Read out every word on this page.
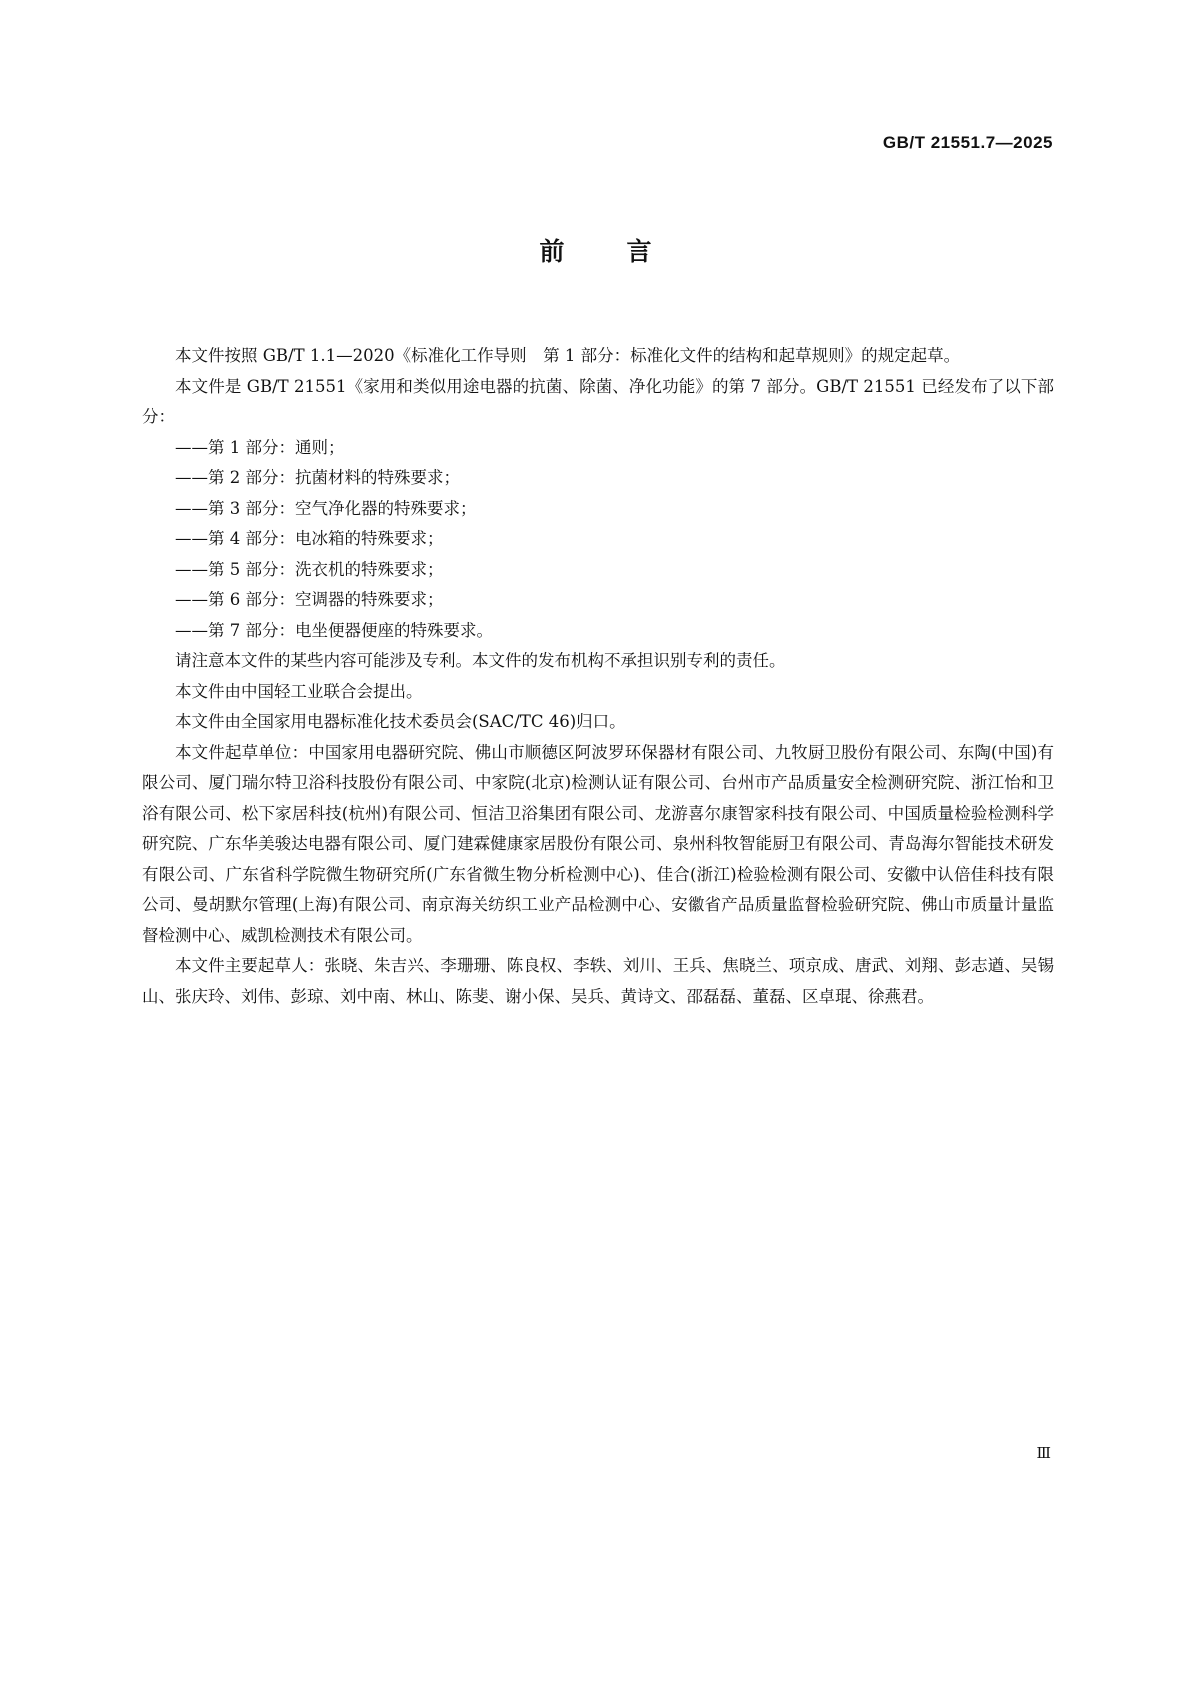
GB/T 21551.7—2025
前言

本文件按照 GB/T 1.1—2020《标准化工作导则　第 1 部分：标准化文件的结构和起草规则》的规定起草。

本文件是 GB/T 21551《家用和类似用途电器的抗菌、除菌、净化功能》的第 7 部分。GB/T 21551 已经发布了以下部分：

——第 1 部分：通则；
——第 2 部分：抗菌材料的特殊要求；
——第 3 部分：空气净化器的特殊要求；
——第 4 部分：电冰箱的特殊要求；
——第 5 部分：洗衣机的特殊要求；
——第 6 部分：空调器的特殊要求；
——第 7 部分：电坐便器便座的特殊要求。

请注意本文件的某些内容可能涉及专利。本文件的发布机构不承担识别专利的责任。

本文件由中国轻工业联合会提出。

本文件由全国家用电器标准化技术委员会(SAC/TC 46)归口。

本文件起草单位：中国家用电器研究院、佛山市顺德区阿波罗环保器材有限公司、九牧厨卫股份有限公司、东陶(中国)有限公司、厦门瑞尔特卫浴科技股份有限公司、中家院(北京)检测认证有限公司、台州市产品质量安全检测研究院、浙江怡和卫浴有限公司、松下家居科技(杭州)有限公司、恒洁卫浴集团有限公司、龙游喜尔康智家科技有限公司、中国质量检验检测科学研究院、广东华美骏达电器有限公司、厦门建霖健康家居股份有限公司、泉州科牧智能厨卫有限公司、青岛海尔智能技术研发有限公司、广东省科学院微生物研究所(广东省微生物分析检测中心)、佳合(浙江)检验检测有限公司、安徽中认倍佳科技有限公司、曼胡默尔管理(上海)有限公司、南京海关纺织工业产品检测中心、安徽省产品质量监督检验研究院、佛山市质量计量监督检测中心、威凯检测技术有限公司。

本文件主要起草人：张晓、朱吉兴、李珊珊、陈良权、李轶、刘川、王兵、焦晓兰、项京成、唐武、刘翔、彭志遒、吴锡山、张庆玲、刘伟、彭琼、刘中南、林山、陈斐、谢小保、吴兵、黄诗文、邵磊磊、董磊、区卓琨、徐燕君。

Ⅲ
